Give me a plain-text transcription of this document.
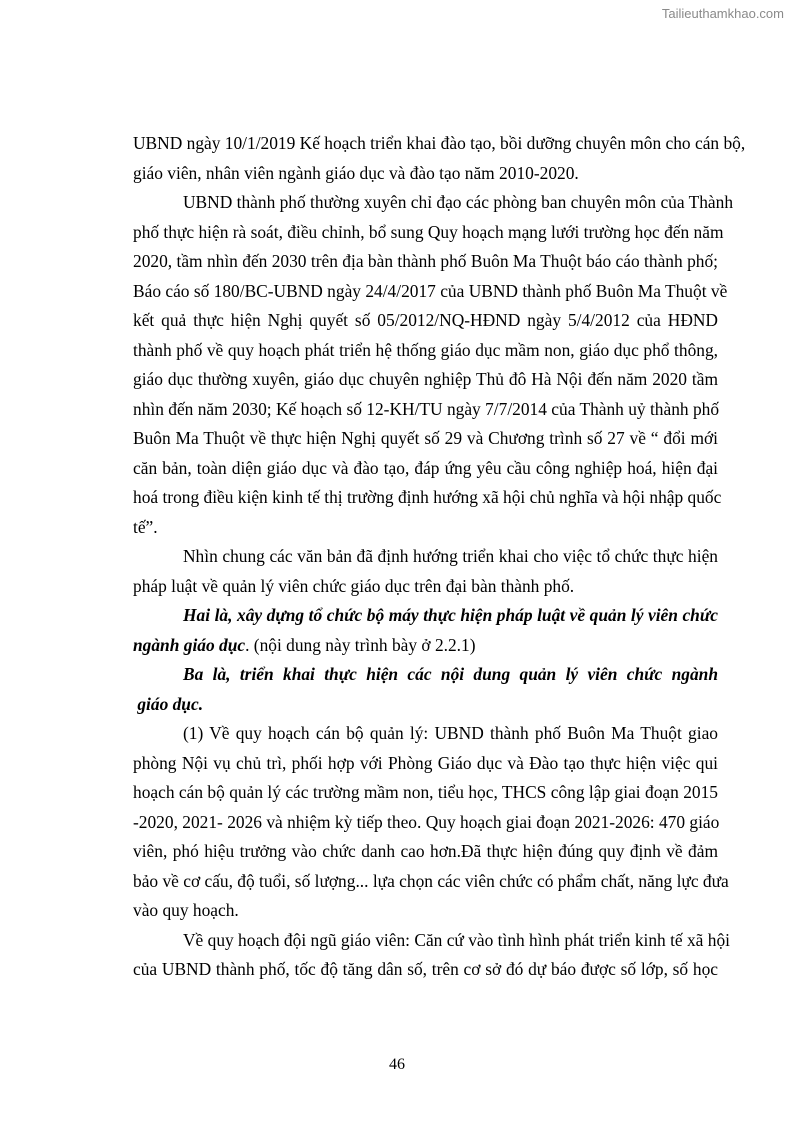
Tailieuthamkhao.com
UBND ngày 10/1/2019 Kế hoạch triển khai đào tạo, bồi dưỡng chuyên môn cho cán bộ,
giáo viên, nhân viên ngành giáo dục và đào tạo năm 2010-2020.
UBND thành phố thường xuyên chỉ đạo các phòng ban chuyên môn của Thành
phố thực hiện rà soát, điều chỉnh, bổ sung Quy hoạch mạng lưới trường học đến năm
2020, tầm nhìn đến 2030 trên địa bàn thành phố Buôn Ma Thuột báo cáo thành phố;
Báo cáo số 180/BC-UBND ngày 24/4/2017 của UBND thành phố Buôn Ma Thuột về
kết quả thực hiện Nghị quyết số 05/2012/NQ-HĐND ngày 5/4/2012 của HĐND
thành phố về quy hoạch phát triển hệ thống giáo dục mầm non, giáo dục phổ thông,
giáo dục thường xuyên, giáo dục chuyên nghiệp Thủ đô Hà Nội đến năm 2020 tầm
nhìn đến năm 2030; Kế hoạch số 12-KH/TU ngày 7/7/2014 của Thành uỷ thành phố
Buôn Ma Thuột về thực hiện Nghị quyết số 29 và Chương trình số 27 về “ đổi mới
căn bản, toàn diện giáo dục và đào tạo, đáp ứng yêu cầu công nghiệp hoá, hiện đại
hoá trong điều kiện kinh tế thị trường định hướng xã hội chủ nghĩa và hội nhập quốc
tế”.
Nhìn chung các văn bản đã định hướng triển khai cho việc tổ chức thực hiện
pháp luật về quản lý viên chức giáo dục trên đại bàn thành phố.
Hai là, xây dựng tổ chức bộ máy thực hiện pháp luật về quản lý viên chức
ngành giáo dục. (nội dung này trình bày ở 2.2.1)
Ba là, triển khai thực hiện các nội dung quản lý viên chức ngành
giáo dục.
(1) Về quy hoạch cán bộ quản lý: UBND thành phố Buôn Ma Thuột giao
phòng Nội vụ chủ trì, phối hợp với Phòng Giáo dục và Đào tạo thực hiện việc qui
hoạch cán bộ quản lý các trường mầm non, tiểu học, THCS công lập giai đoạn 2015
-2020, 2021- 2026 và nhiệm kỳ tiếp theo. Quy hoạch giai đoạn 2021-2026: 470 giáo
viên, phó hiệu trưởng vào chức danh cao hơn.Đã thực hiện đúng quy định về đảm
bảo về cơ cấu, độ tuổi, số lượng... lựa chọn các viên chức có phẩm chất, năng lực đưa
vào quy hoạch.
Về quy hoạch đội ngũ giáo viên: Căn cứ vào tình hình phát triển kinh tế xã hội
của UBND thành phố, tốc độ tăng dân số, trên cơ sở đó dự báo được số lớp, số học
46
